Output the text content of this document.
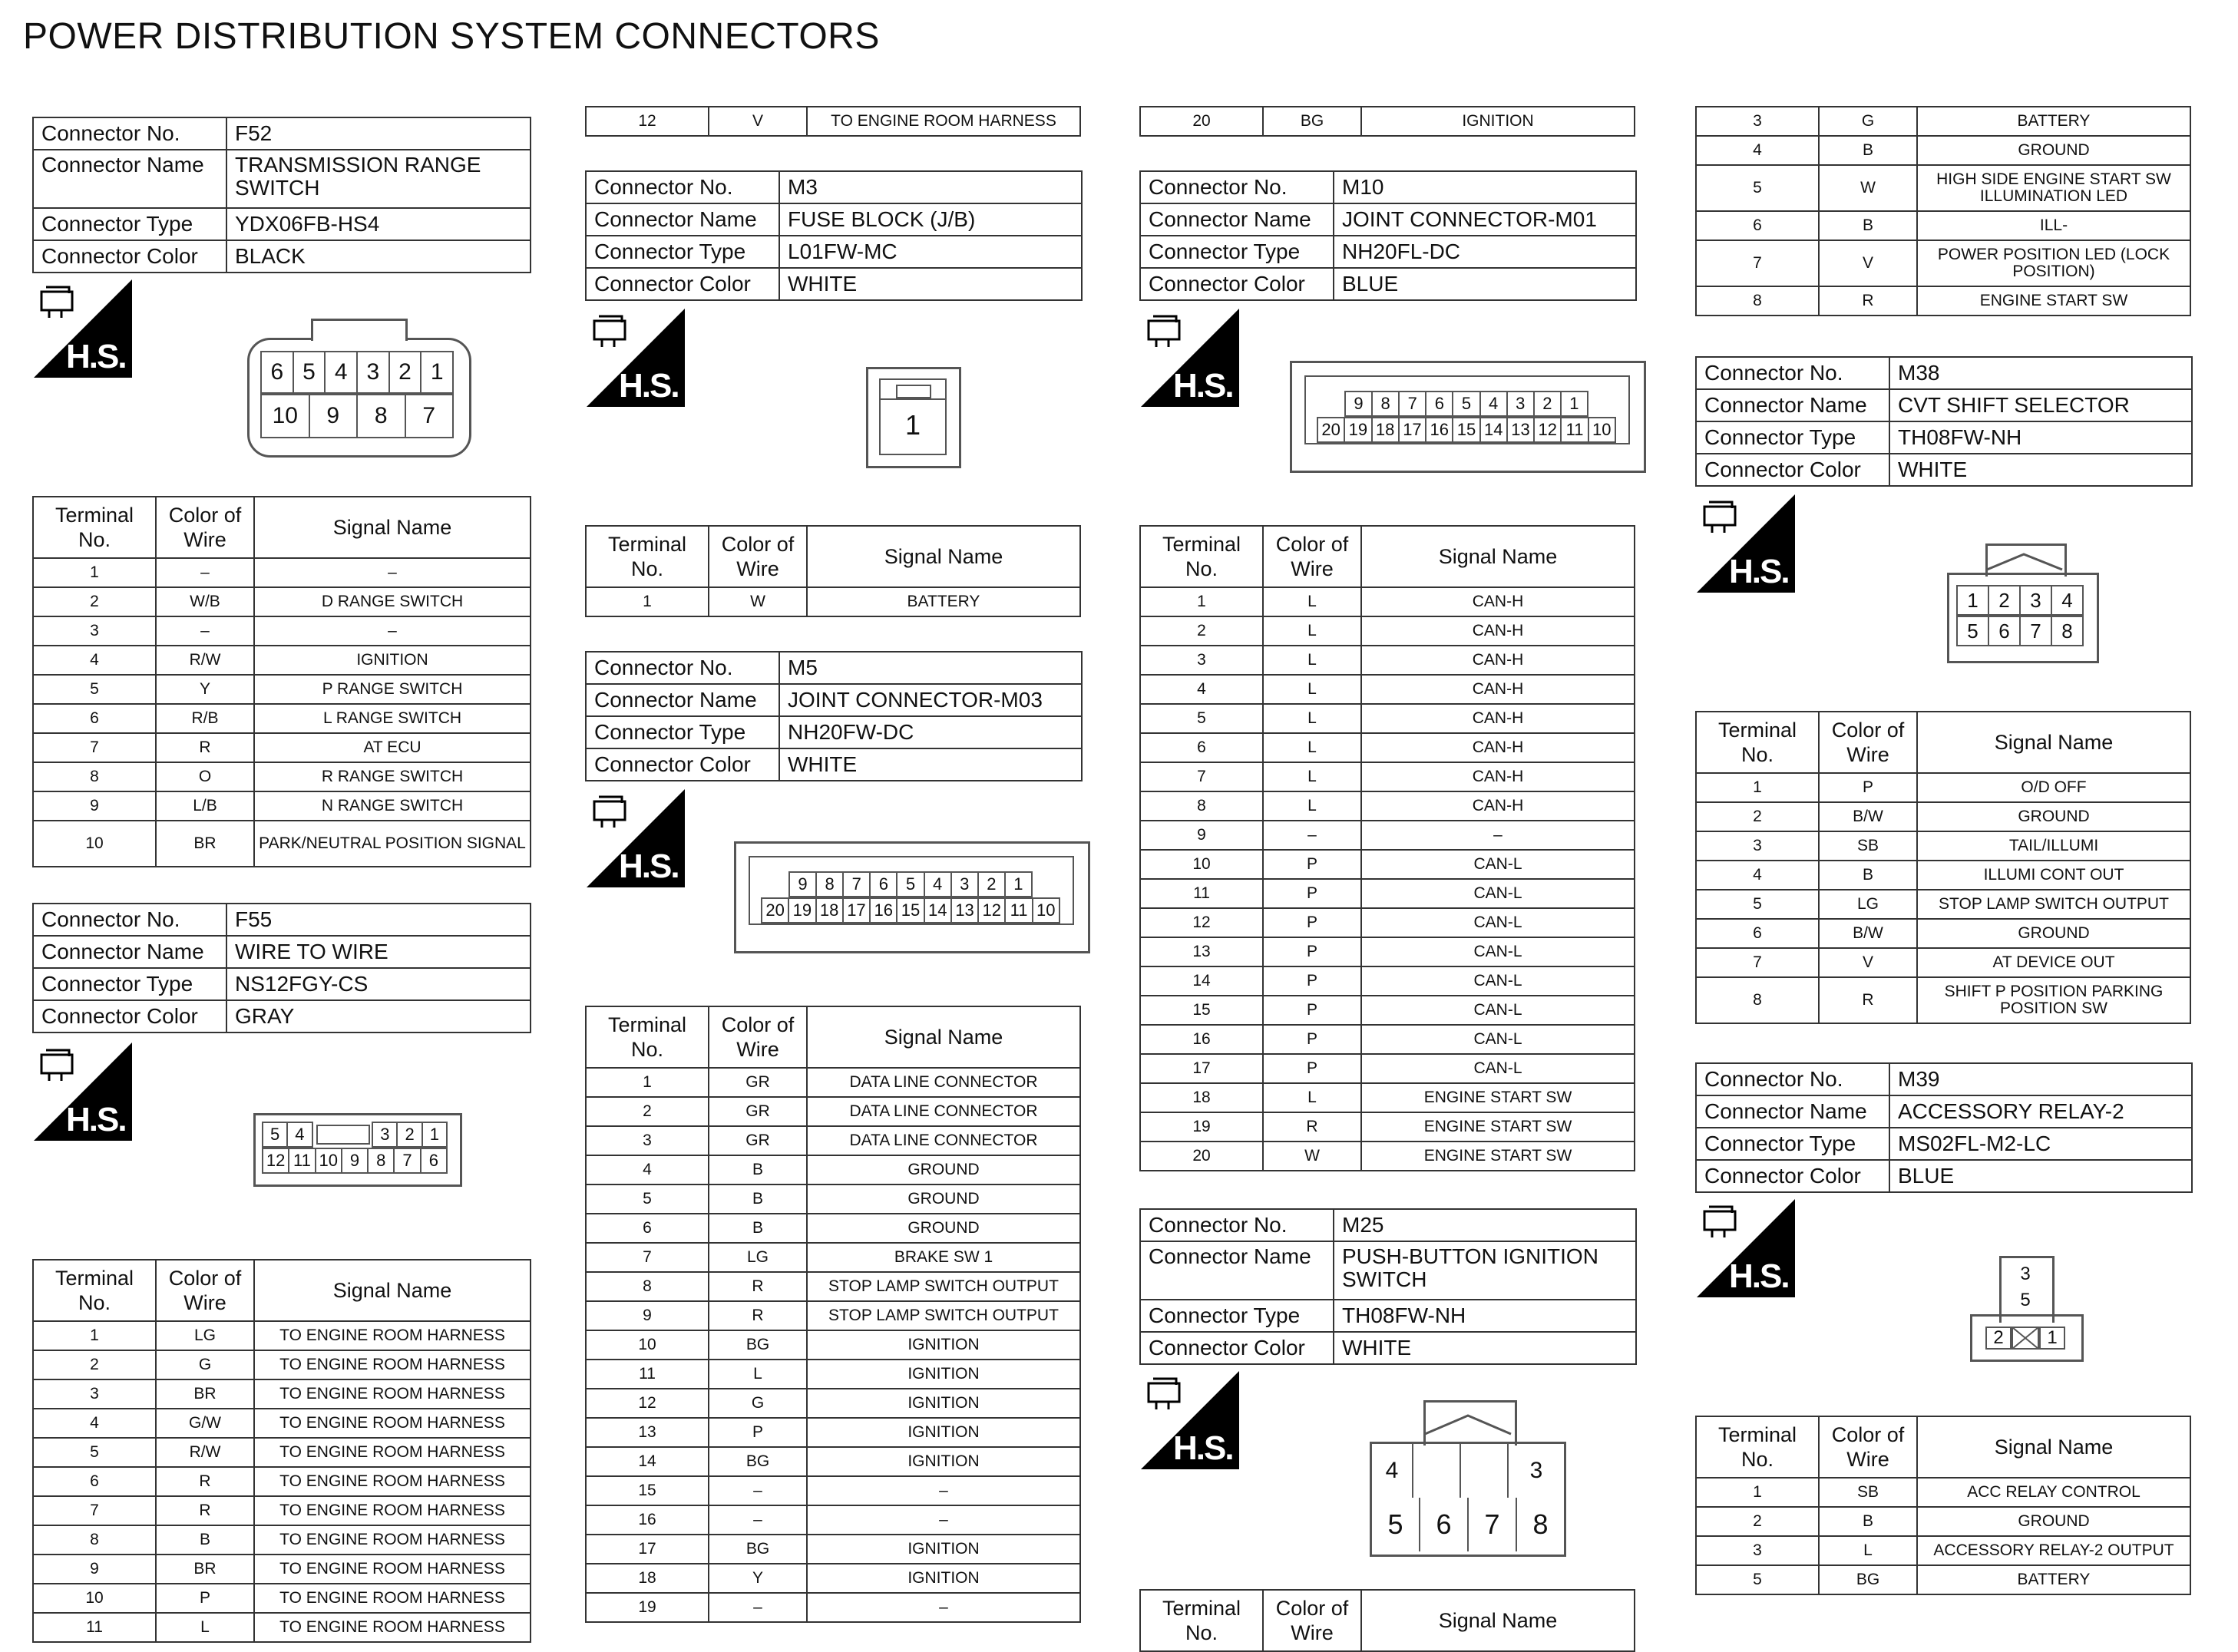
POWER DISTRIBUTION SYSTEM CONNECTORS
Connector No.	F52
Connector Name	TRANSMISSION RANGE SWITCH
Connector Type	YDX06FB-HS4
Connector Color	BLACK
H.S.	6 5 4 3 2 1
10	9	8	7
Terminal No.	Color of Wire	Signal Name
1	–	–
2	W/B	D RANGE SWITCH
3	–	–
4	R/W	IGNITION
5	Y	P RANGE SWITCH
6	R/B	L RANGE SWITCH
7	R	AT ECU
8	O	R RANGE SWITCH
9	L/B	N RANGE SWITCH
10	BR	PARK/NEUTRAL POSITION SIGNAL
Connector No.	F55
Connector Name	WIRE TO WIRE
Connector Type	NS12FGY-CS
Connector Color	GRAY
H.S.	5 4	3 2 1
12 11 10 9	8	7	6
Terminal No.	Color of Wire	Signal Name
1	LG	TO ENGINE ROOM HARNESS
2	G	TO ENGINE ROOM HARNESS
3	BR	TO ENGINE ROOM HARNESS
4	G/W	TO ENGINE ROOM HARNESS
5	R/W	TO ENGINE ROOM HARNESS
6	R	TO ENGINE ROOM HARNESS
7	R	TO ENGINE ROOM HARNESS
8	B	TO ENGINE ROOM HARNESS
9	BR	TO ENGINE ROOM HARNESS
10	P	TO ENGINE ROOM HARNESS
11	L	TO ENGINE ROOM HARNESS
12	V	TO ENGINE ROOM HARNESS
Connector No.	M3
Connector Name	FUSE BLOCK (J/B)
Connector Type	L01FW-MC
Connector Color	WHITE
H.S.
1
Terminal No.	Color of Wire	Signal Name
1	W	BATTERY
Connector No.	M5
Connector Name	JOINT CONNECTOR-M03
Connector Type	NH20FW-DC
Connector Color	WHITE
H.S.	9	8	7	6	5	4	3	2	1
20 19 18 17 16 15 14 13 12 11 10
Terminal No.	Color of Wire	Signal Name
1	GR	DATA LINE CONNECTOR
2	GR	DATA LINE CONNECTOR
3	GR	DATA LINE CONNECTOR
4	B	GROUND
5	B	GROUND
6	B	GROUND
7	LG	BRAKE SW 1
8	R	STOP LAMP SWITCH OUTPUT
9	R	STOP LAMP SWITCH OUTPUT
10	BG	IGNITION
11	L	IGNITION
12	G	IGNITION
13	P	IGNITION
14	BG	IGNITION
15	–	–
16	–	–
17	BG	IGNITION
18	Y	IGNITION
19	–	–
20	BG	IGNITION
Connector No.	M10
Connector Name	JOINT CONNECTOR-M01
Connector Type	NH20FL-DC
Connector Color	BLUE
H.S.	9	8	7	6	5	4	3	2	1
20 19 18 17 16 15 14 13 12 11 10
Terminal No.	Color of Wire	Signal Name
1	L	CAN-H
2	L	CAN-H
3	L	CAN-H
4	L	CAN-H
5	L	CAN-H
6	L	CAN-H
7	L	CAN-H
8	L	CAN-H
9	–	–
10	P	CAN-L
11	P	CAN-L
12	P	CAN-L
13	P	CAN-L
14	P	CAN-L
15	P	CAN-L
16	P	CAN-L
17	P	CAN-L
18	L	ENGINE START SW
19	R	ENGINE START SW
20	W	ENGINE START SW
Connector No.	M25
Connector Name	PUSH-BUTTON IGNITION SWITCH
Connector Type	TH08FW-NH
Connector Color	WHITE
H.S.
4	3
5	6	7	8
Terminal No.	Color of Wire	Signal Name
3	G	BATTERY
4	B	GROUND
5	W	HIGH SIDE ENGINE START SW ILLUMINATION LED
6	B	ILL-
7	V	POWER POSITION LED (LOCK POSITION)
8	R	ENGINE START SW
Connector No.	M38
Connector Name	CVT SHIFT SELECTOR
Connector Type	TH08FW-NH
Connector Color	WHITE
H.S.
1	2	3	4
5	6	7	8
Terminal No.	Color of Wire	Signal Name
1	P	O/D OFF
2	B/W	GROUND
3	SB	TAIL/ILLUMI
4	B	ILLUMI CONT OUT
5	LG	STOP LAMP SWITCH OUTPUT
6	B/W	GROUND
7	V	AT DEVICE OUT
8	R	SHIFT P POSITION PARKING POSITION SW
Connector No.	M39
Connector Name	ACCESSORY RELAY-2
Connector Type	MS02FL-M2-LC
Connector Color	BLUE
H.S.	3
5
2	1
Terminal No.	Color of Wire	Signal Name
1	SB	ACC RELAY CONTROL
2	B	GROUND
3	L	ACCESSORY RELAY-2 OUTPUT
5	BG	BATTERY
